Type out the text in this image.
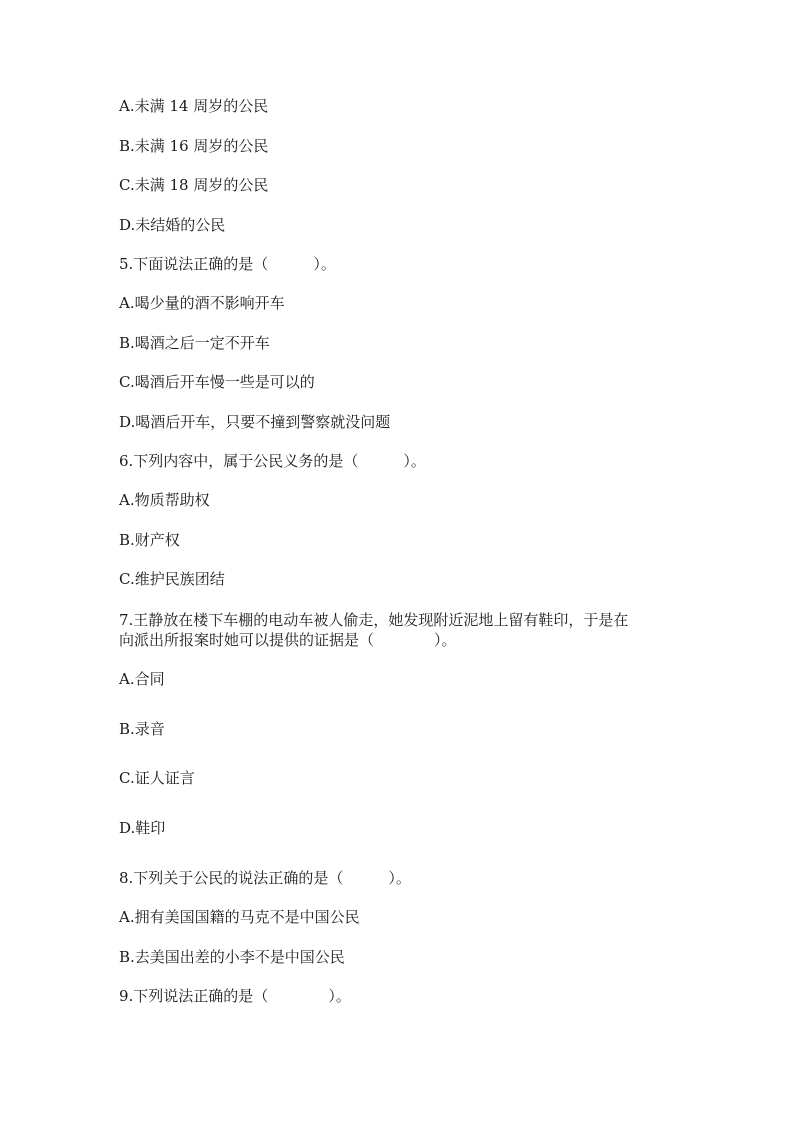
A.未满 14 周岁的公民
B.未满 16 周岁的公民
C.未满 18 周岁的公民
D.未结婚的公民
5.下面说法正确的是（　　　）。
A.喝少量的酒不影响开车
B.喝酒之后一定不开车
C.喝酒后开车慢一些是可以的
D.喝酒后开车，只要不撞到警察就没问题
6.下列内容中，属于公民义务的是（　　　）。
A.物质帮助权
B.财产权
C.维护民族团结
7.王静放在楼下车棚的电动车被人偷走，她发现附近泥地上留有鞋印，于是在
向派出所报案时她可以提供的证据是（　　　　）。
A.合同
B.录音
C.证人证言
D.鞋印
8.下列关于公民的说法正确的是（　　　）。
A.拥有美国国籍的马克不是中国公民
B.去美国出差的小李不是中国公民
9.下列说法正确的是（　　　　）。
